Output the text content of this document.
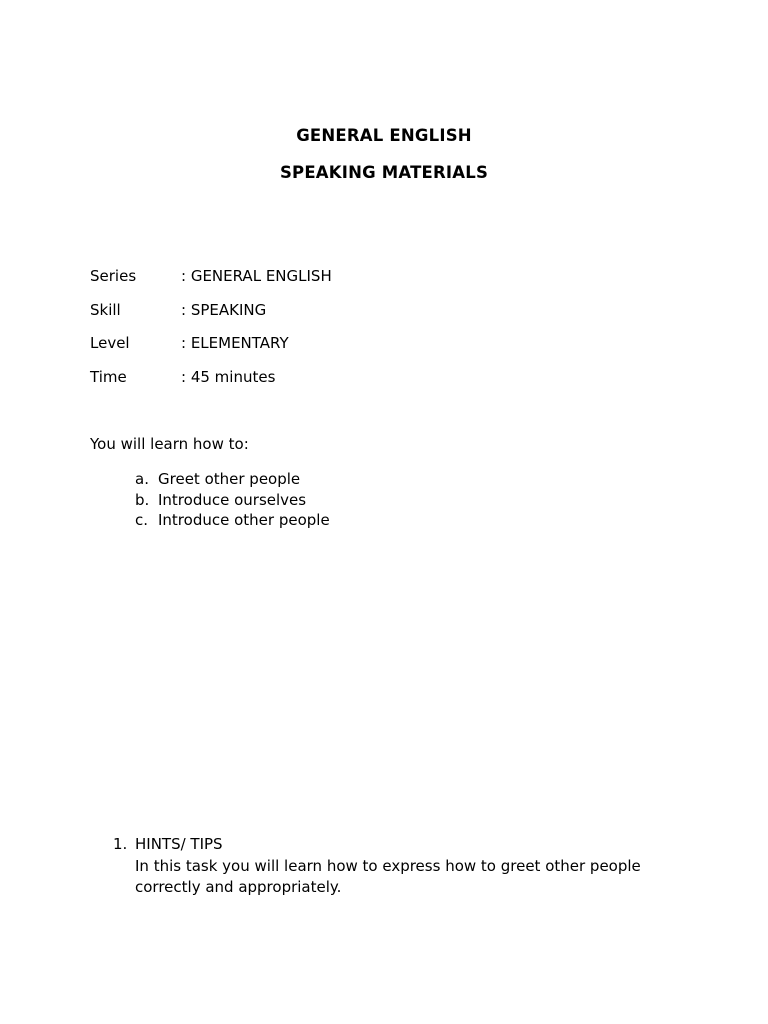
GENERAL ENGLISH
SPEAKING MATERIALS
Series	: GENERAL ENGLISH
Skill	: SPEAKING
Level	: ELEMENTARY
Time	: 45 minutes
You will learn how to:
a. Greet other people
b. Introduce ourselves
c. Introduce other people
1. HINTS/ TIPS
In this task you will learn how to express how to greet other people correctly and appropriately.
